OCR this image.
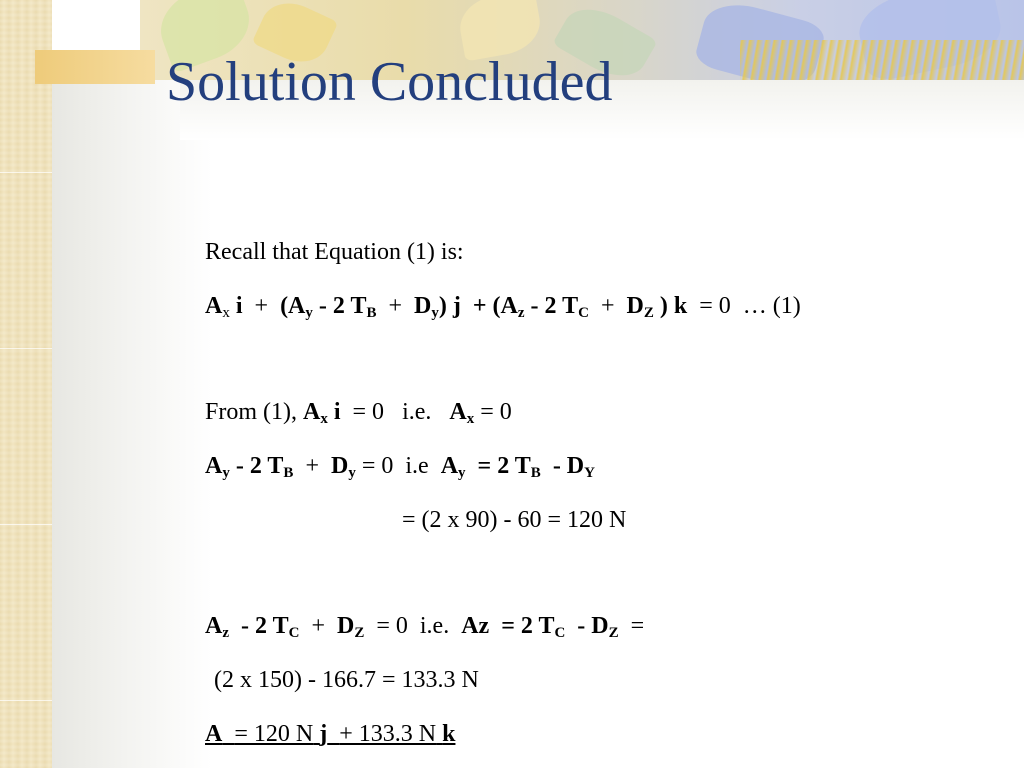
Solution Concluded
Recall that Equation (1) is:
$A_x$ $i + (A_y - 2$ $T_B + D_y$) $j + (A_z - 2$ $T_C + D_Z$ ) k = 0 … (1)
From (1), $A_x$ i = 0 i.e. $A_x = 0$
$A_y - 2$ $T_B + D_y = 0$ i.e $A_y = 2$ $T_B - D_Y$
= (2 x 90) - 60 = 120 N
$A_z - 2$ $T_C + D_Z = 0$ i.e. Az = 2 $T_C - D_Z$ =
(2 x 150) - 166.7 = 133.3 N
A = 120 N j + 133.3 N k
